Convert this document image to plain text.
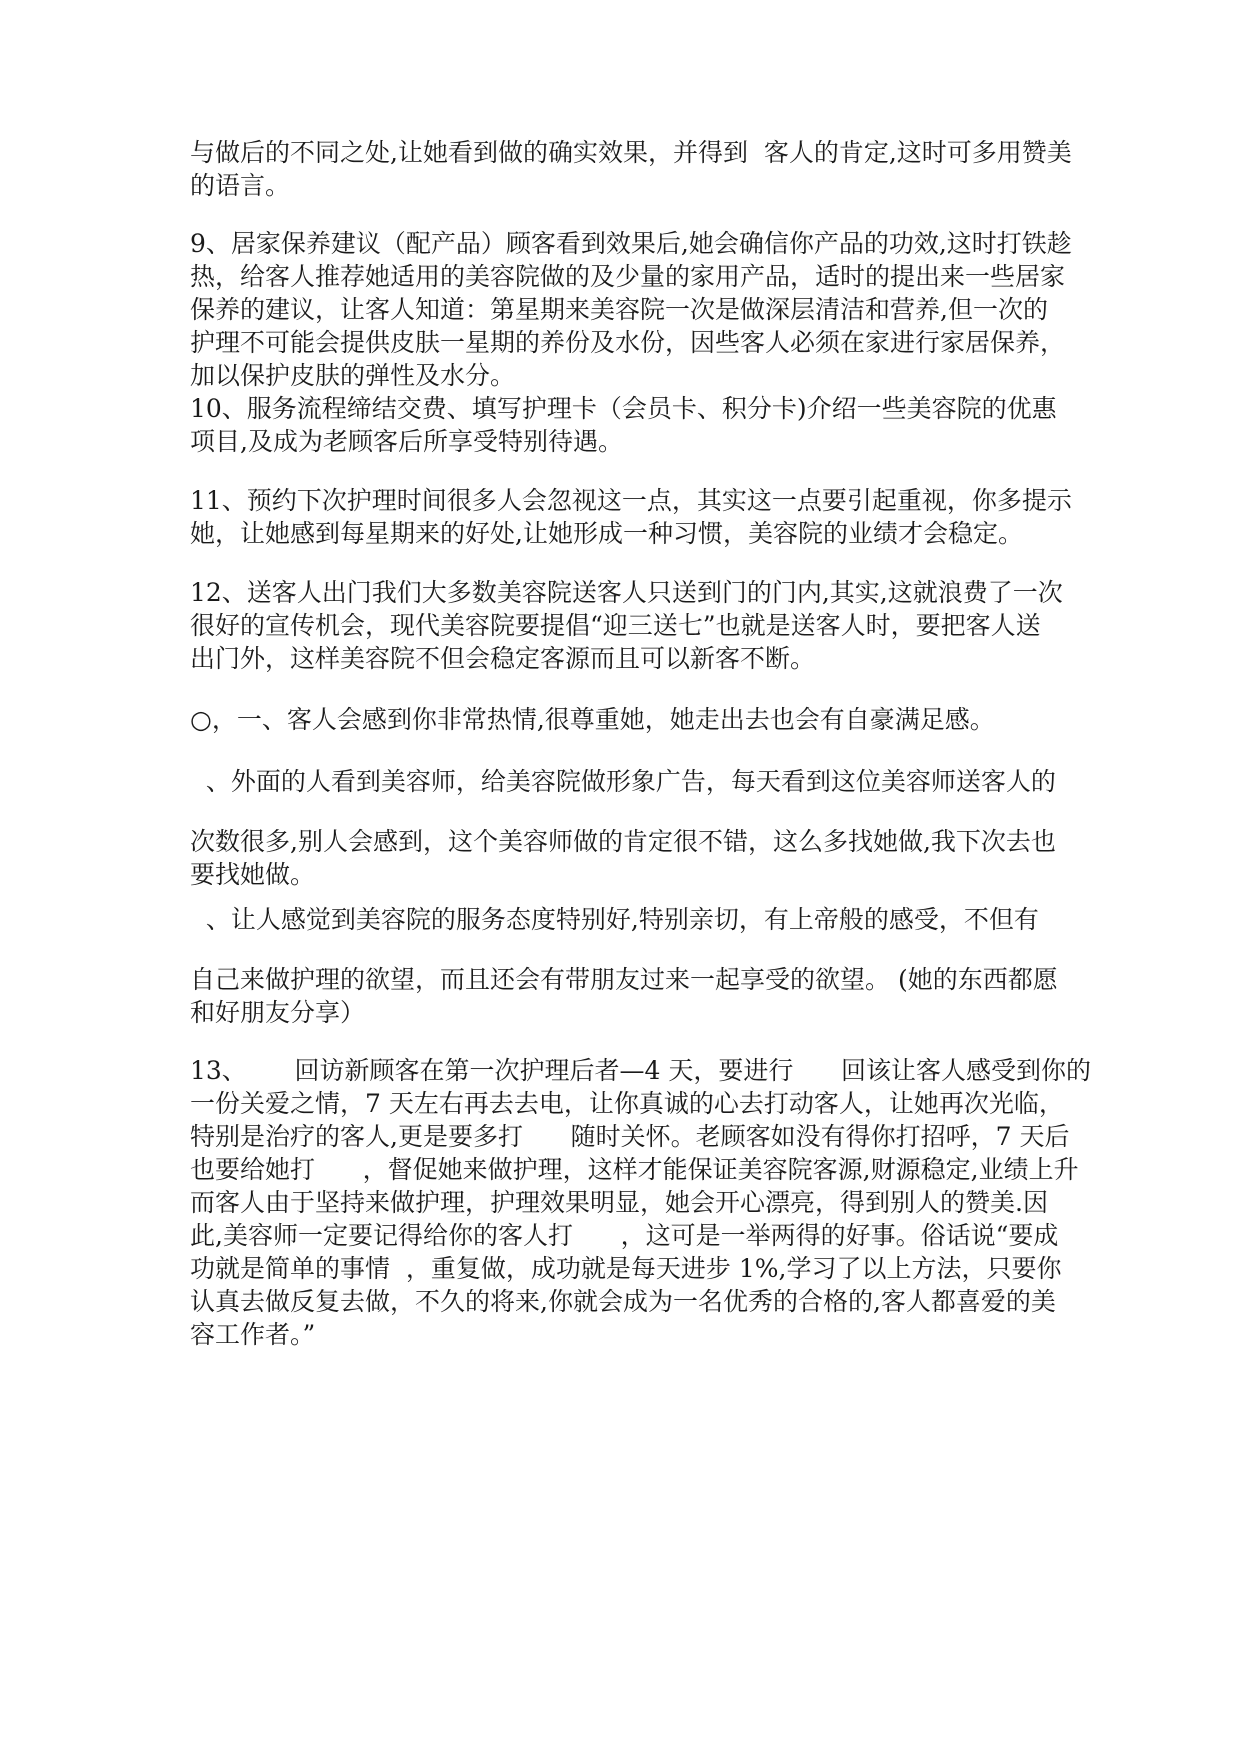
与做后的不同之处,让她看到做的确实效果，并得到  客人的肯定,这时可多用赞美
的语言。
9、居家保养建议（配产品）顾客看到效果后,她会确信你产品的功效,这时打铁趁
热，给客人推荐她适用的美容院做的及少量的家用产品，适时的提出来一些居家
保养的建议，让客人知道：第星期来美容院一次是做深层清洁和营养,但一次的
护理不可能会提供皮肤一星期的养份及水份，因些客人必须在家进行家居保养，
加以保护皮肤的弹性及水分。
10、服务流程缔结交费、填写护理卡（会员卡、积分卡)介绍一些美容院的优惠
项目,及成为老顾客后所享受特别待遇。
11、预约下次护理时间很多人会忽视这一点，其实这一点要引起重视，你多提示
她，让她感到每星期来的好处,让她形成一种习惯，美容院的业绩才会稳定。
12、送客人出门我们大多数美容院送客人只送到门的门内,其实,这就浪费了一次
很好的宣传机会，现代美容院要提倡“迎三送七”也就是送客人时，要把客人送
出门外，这样美容院不但会稳定客源而且可以新客不断。
○，一、客人会感到你非常热情,很尊重她，她走出去也会有自豪满足感。
、外面的人看到美容师，给美容院做形象广告，每天看到这位美容师送客人的
次数很多,别人会感到，这个美容师做的肯定很不错，这么多找她做,我下次去也
要找她做。
、让人感觉到美容院的服务态度特别好,特别亲切，有上帝般的感受，不但有
自己来做护理的欲望，而且还会有带朋友过来一起享受的欲望。 (她的东西都愿
和好朋友分享）
13、      回访新顾客在第一次护理后者—4 天，要进行      回该让客人感受到你的
一份关爱之情，7 天左右再去去电，让你真诚的心去打动客人，让她再次光临，
特别是治疗的客人,更是要多打      随时关怀。老顾客如没有得你打招呼，7 天后
也要给她打      ，督促她来做护理，这样才能保证美容院客源,财源稳定,业绩上升
而客人由于坚持来做护理，护理效果明显，她会开心漂亮，得到别人的赞美.因
此,美容师一定要记得给你的客人打      ，这可是一举两得的好事。俗话说“要成
功就是简单的事情  ，重复做，成功就是每天进步 1%,学习了以上方法，只要你
认真去做反复去做，不久的将来,你就会成为一名优秀的合格的,客人都喜爱的美
容工作者。”
